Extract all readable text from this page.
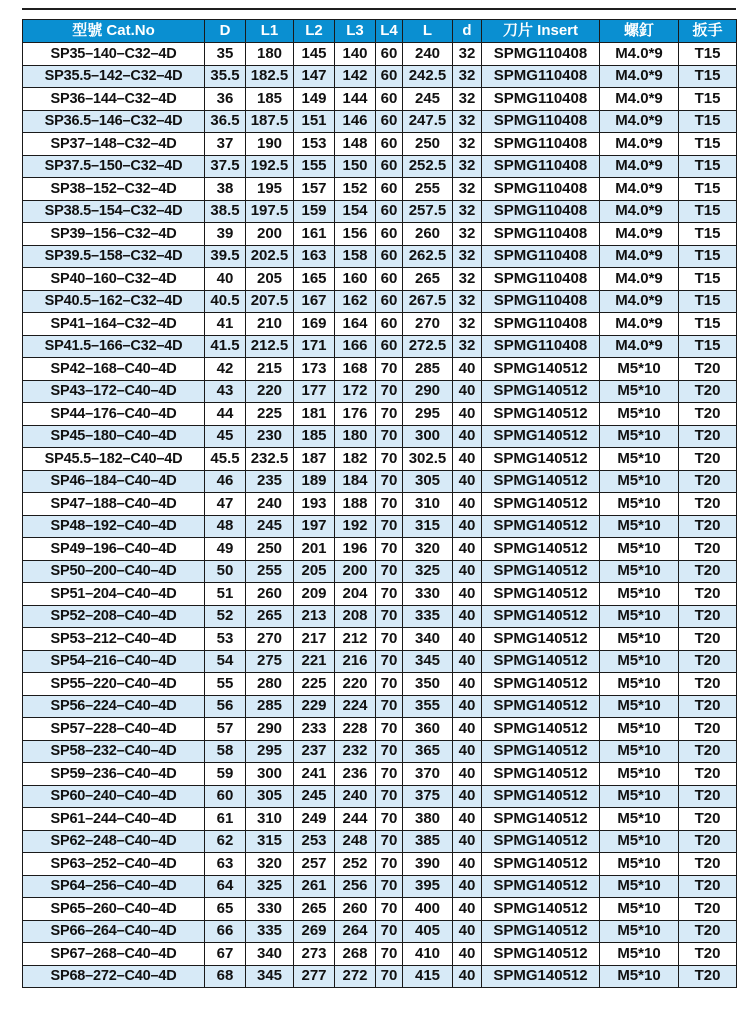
型號 Cat.No	D	L1	L2	L3	L4	L	d	刀片 Insert	螺釘	扳手
SP35–140–C32–4D	35	180	145	140	60	240	32	SPMG110408	M4.0*9	T15
SP35.5–142–C32–4D	35.5	182.5	147	142	60	242.5	32	SPMG110408	M4.0*9	T15
SP36–144–C32–4D	36	185	149	144	60	245	32	SPMG110408	M4.0*9	T15
SP36.5–146–C32–4D	36.5	187.5	151	146	60	247.5	32	SPMG110408	M4.0*9	T15
SP37–148–C32–4D	37	190	153	148	60	250	32	SPMG110408	M4.0*9	T15
SP37.5–150–C32–4D	37.5	192.5	155	150	60	252.5	32	SPMG110408	M4.0*9	T15
SP38–152–C32–4D	38	195	157	152	60	255	32	SPMG110408	M4.0*9	T15
SP38.5–154–C32–4D	38.5	197.5	159	154	60	257.5	32	SPMG110408	M4.0*9	T15
SP39–156–C32–4D	39	200	161	156	60	260	32	SPMG110408	M4.0*9	T15
SP39.5–158–C32–4D	39.5	202.5	163	158	60	262.5	32	SPMG110408	M4.0*9	T15
SP40–160–C32–4D	40	205	165	160	60	265	32	SPMG110408	M4.0*9	T15
SP40.5–162–C32–4D	40.5	207.5	167	162	60	267.5	32	SPMG110408	M4.0*9	T15
SP41–164–C32–4D	41	210	169	164	60	270	32	SPMG110408	M4.0*9	T15
SP41.5–166–C32–4D	41.5	212.5	171	166	60	272.5	32	SPMG110408	M4.0*9	T15
SP42–168–C40–4D	42	215	173	168	70	285	40	SPMG140512	M5*10	T20
SP43–172–C40–4D	43	220	177	172	70	290	40	SPMG140512	M5*10	T20
SP44–176–C40–4D	44	225	181	176	70	295	40	SPMG140512	M5*10	T20
SP45–180–C40–4D	45	230	185	180	70	300	40	SPMG140512	M5*10	T20
SP45.5–182–C40–4D	45.5	232.5	187	182	70	302.5	40	SPMG140512	M5*10	T20
SP46–184–C40–4D	46	235	189	184	70	305	40	SPMG140512	M5*10	T20
SP47–188–C40–4D	47	240	193	188	70	310	40	SPMG140512	M5*10	T20
SP48–192–C40–4D	48	245	197	192	70	315	40	SPMG140512	M5*10	T20
SP49–196–C40–4D	49	250	201	196	70	320	40	SPMG140512	M5*10	T20
SP50–200–C40–4D	50	255	205	200	70	325	40	SPMG140512	M5*10	T20
SP51–204–C40–4D	51	260	209	204	70	330	40	SPMG140512	M5*10	T20
SP52–208–C40–4D	52	265	213	208	70	335	40	SPMG140512	M5*10	T20
SP53–212–C40–4D	53	270	217	212	70	340	40	SPMG140512	M5*10	T20
SP54–216–C40–4D	54	275	221	216	70	345	40	SPMG140512	M5*10	T20
SP55–220–C40–4D	55	280	225	220	70	350	40	SPMG140512	M5*10	T20
SP56–224–C40–4D	56	285	229	224	70	355	40	SPMG140512	M5*10	T20
SP57–228–C40–4D	57	290	233	228	70	360	40	SPMG140512	M5*10	T20
SP58–232–C40–4D	58	295	237	232	70	365	40	SPMG140512	M5*10	T20
SP59–236–C40–4D	59	300	241	236	70	370	40	SPMG140512	M5*10	T20
SP60–240–C40–4D	60	305	245	240	70	375	40	SPMG140512	M5*10	T20
SP61–244–C40–4D	61	310	249	244	70	380	40	SPMG140512	M5*10	T20
SP62–248–C40–4D	62	315	253	248	70	385	40	SPMG140512	M5*10	T20
SP63–252–C40–4D	63	320	257	252	70	390	40	SPMG140512	M5*10	T20
SP64–256–C40–4D	64	325	261	256	70	395	40	SPMG140512	M5*10	T20
SP65–260–C40–4D	65	330	265	260	70	400	40	SPMG140512	M5*10	T20
SP66–264–C40–4D	66	335	269	264	70	405	40	SPMG140512	M5*10	T20
SP67–268–C40–4D	67	340	273	268	70	410	40	SPMG140512	M5*10	T20
SP68–272–C40–4D	68	345	277	272	70	415	40	SPMG140512	M5*10	T20
